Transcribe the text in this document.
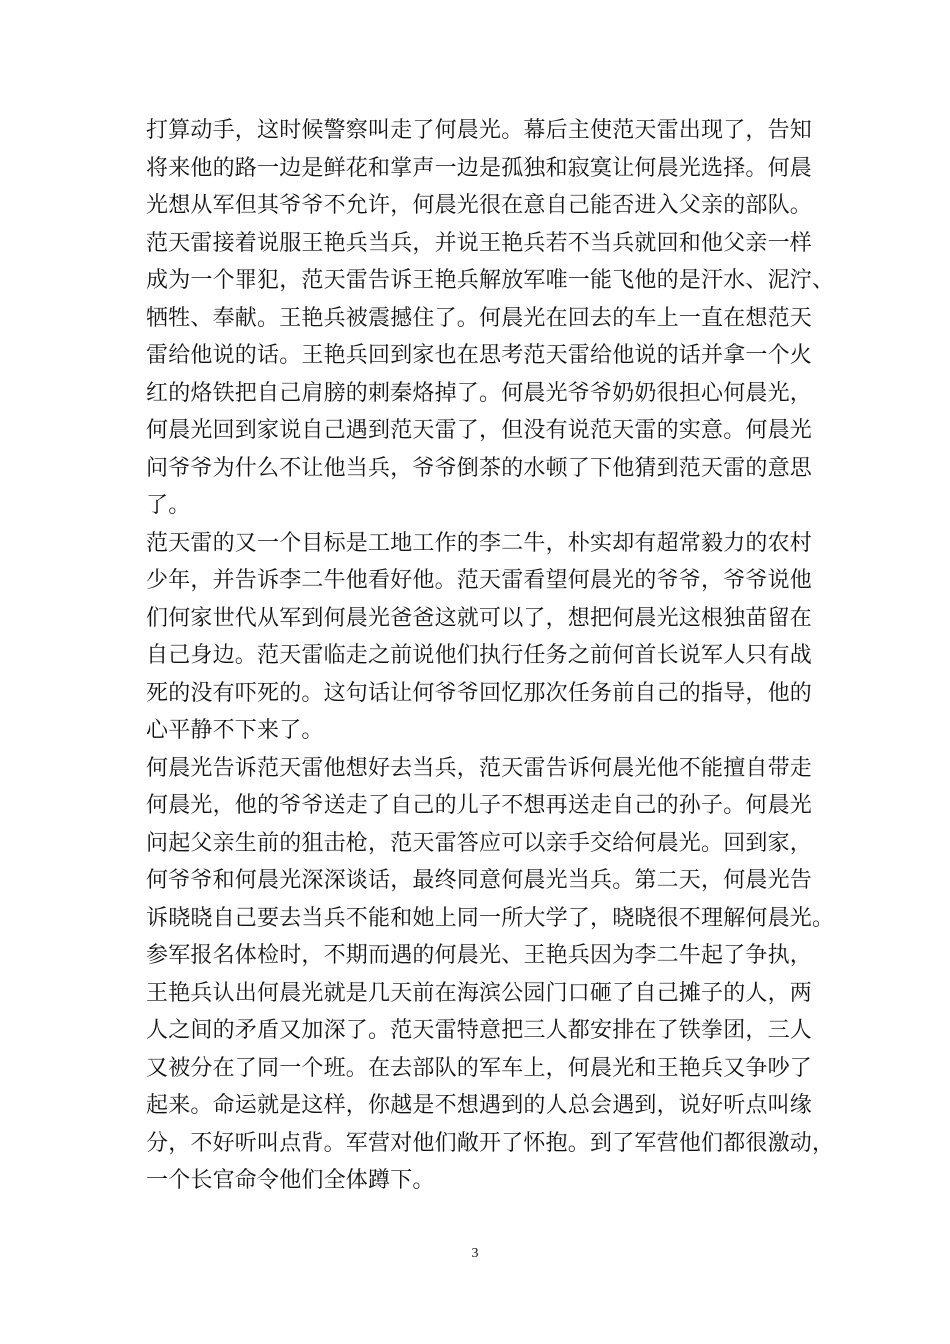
打算动手，这时候警察叫走了何晨光。幕后主使范天雷出现了，告知
将来他的路一边是鲜花和掌声一边是孤独和寂寞让何晨光选择。何晨
光想从军但其爷爷不允许，何晨光很在意自己能否进入父亲的部队。
范天雷接着说服王艳兵当兵，并说王艳兵若不当兵就回和他父亲一样
成为一个罪犯，范天雷告诉王艳兵解放军唯一能飞他的是汗水、泥泞、
牺牲、奉献。王艳兵被震撼住了。何晨光在回去的车上一直在想范天
雷给他说的话。王艳兵回到家也在思考范天雷给他说的话并拿一个火
红的烙铁把自己肩膀的刺秦烙掉了。何晨光爷爷奶奶很担心何晨光，
何晨光回到家说自己遇到范天雷了，但没有说范天雷的实意。何晨光
问爷爷为什么不让他当兵，爷爷倒茶的水顿了下他猜到范天雷的意思
了。
范天雷的又一个目标是工地工作的李二牛，朴实却有超常毅力的农村
少年，并告诉李二牛他看好他。范天雷看望何晨光的爷爷，爷爷说他
们何家世代从军到何晨光爸爸这就可以了，想把何晨光这根独苗留在
自己身边。范天雷临走之前说他们执行任务之前何首长说军人只有战
死的没有吓死的。这句话让何爷爷回忆那次任务前自己的指导，他的
心平静不下来了。
何晨光告诉范天雷他想好去当兵，范天雷告诉何晨光他不能擅自带走
何晨光，他的爷爷送走了自己的儿子不想再送走自己的孙子。何晨光
问起父亲生前的狙击枪，范天雷答应可以亲手交给何晨光。回到家，
何爷爷和何晨光深深谈话，最终同意何晨光当兵。第二天，何晨光告
诉晓晓自己要去当兵不能和她上同一所大学了，晓晓很不理解何晨光。
参军报名体检时，不期而遇的何晨光、王艳兵因为李二牛起了争执，
王艳兵认出何晨光就是几天前在海滨公园门口砸了自己摊子的人，两
人之间的矛盾又加深了。范天雷特意把三人都安排在了铁拳团，三人
又被分在了同一个班。在去部队的军车上，何晨光和王艳兵又争吵了
起来。命运就是这样，你越是不想遇到的人总会遇到，说好听点叫缘
分，不好听叫点背。军营对他们敞开了怀抱。到了军营他们都很激动，
一个长官命令他们全体蹲下。
3
